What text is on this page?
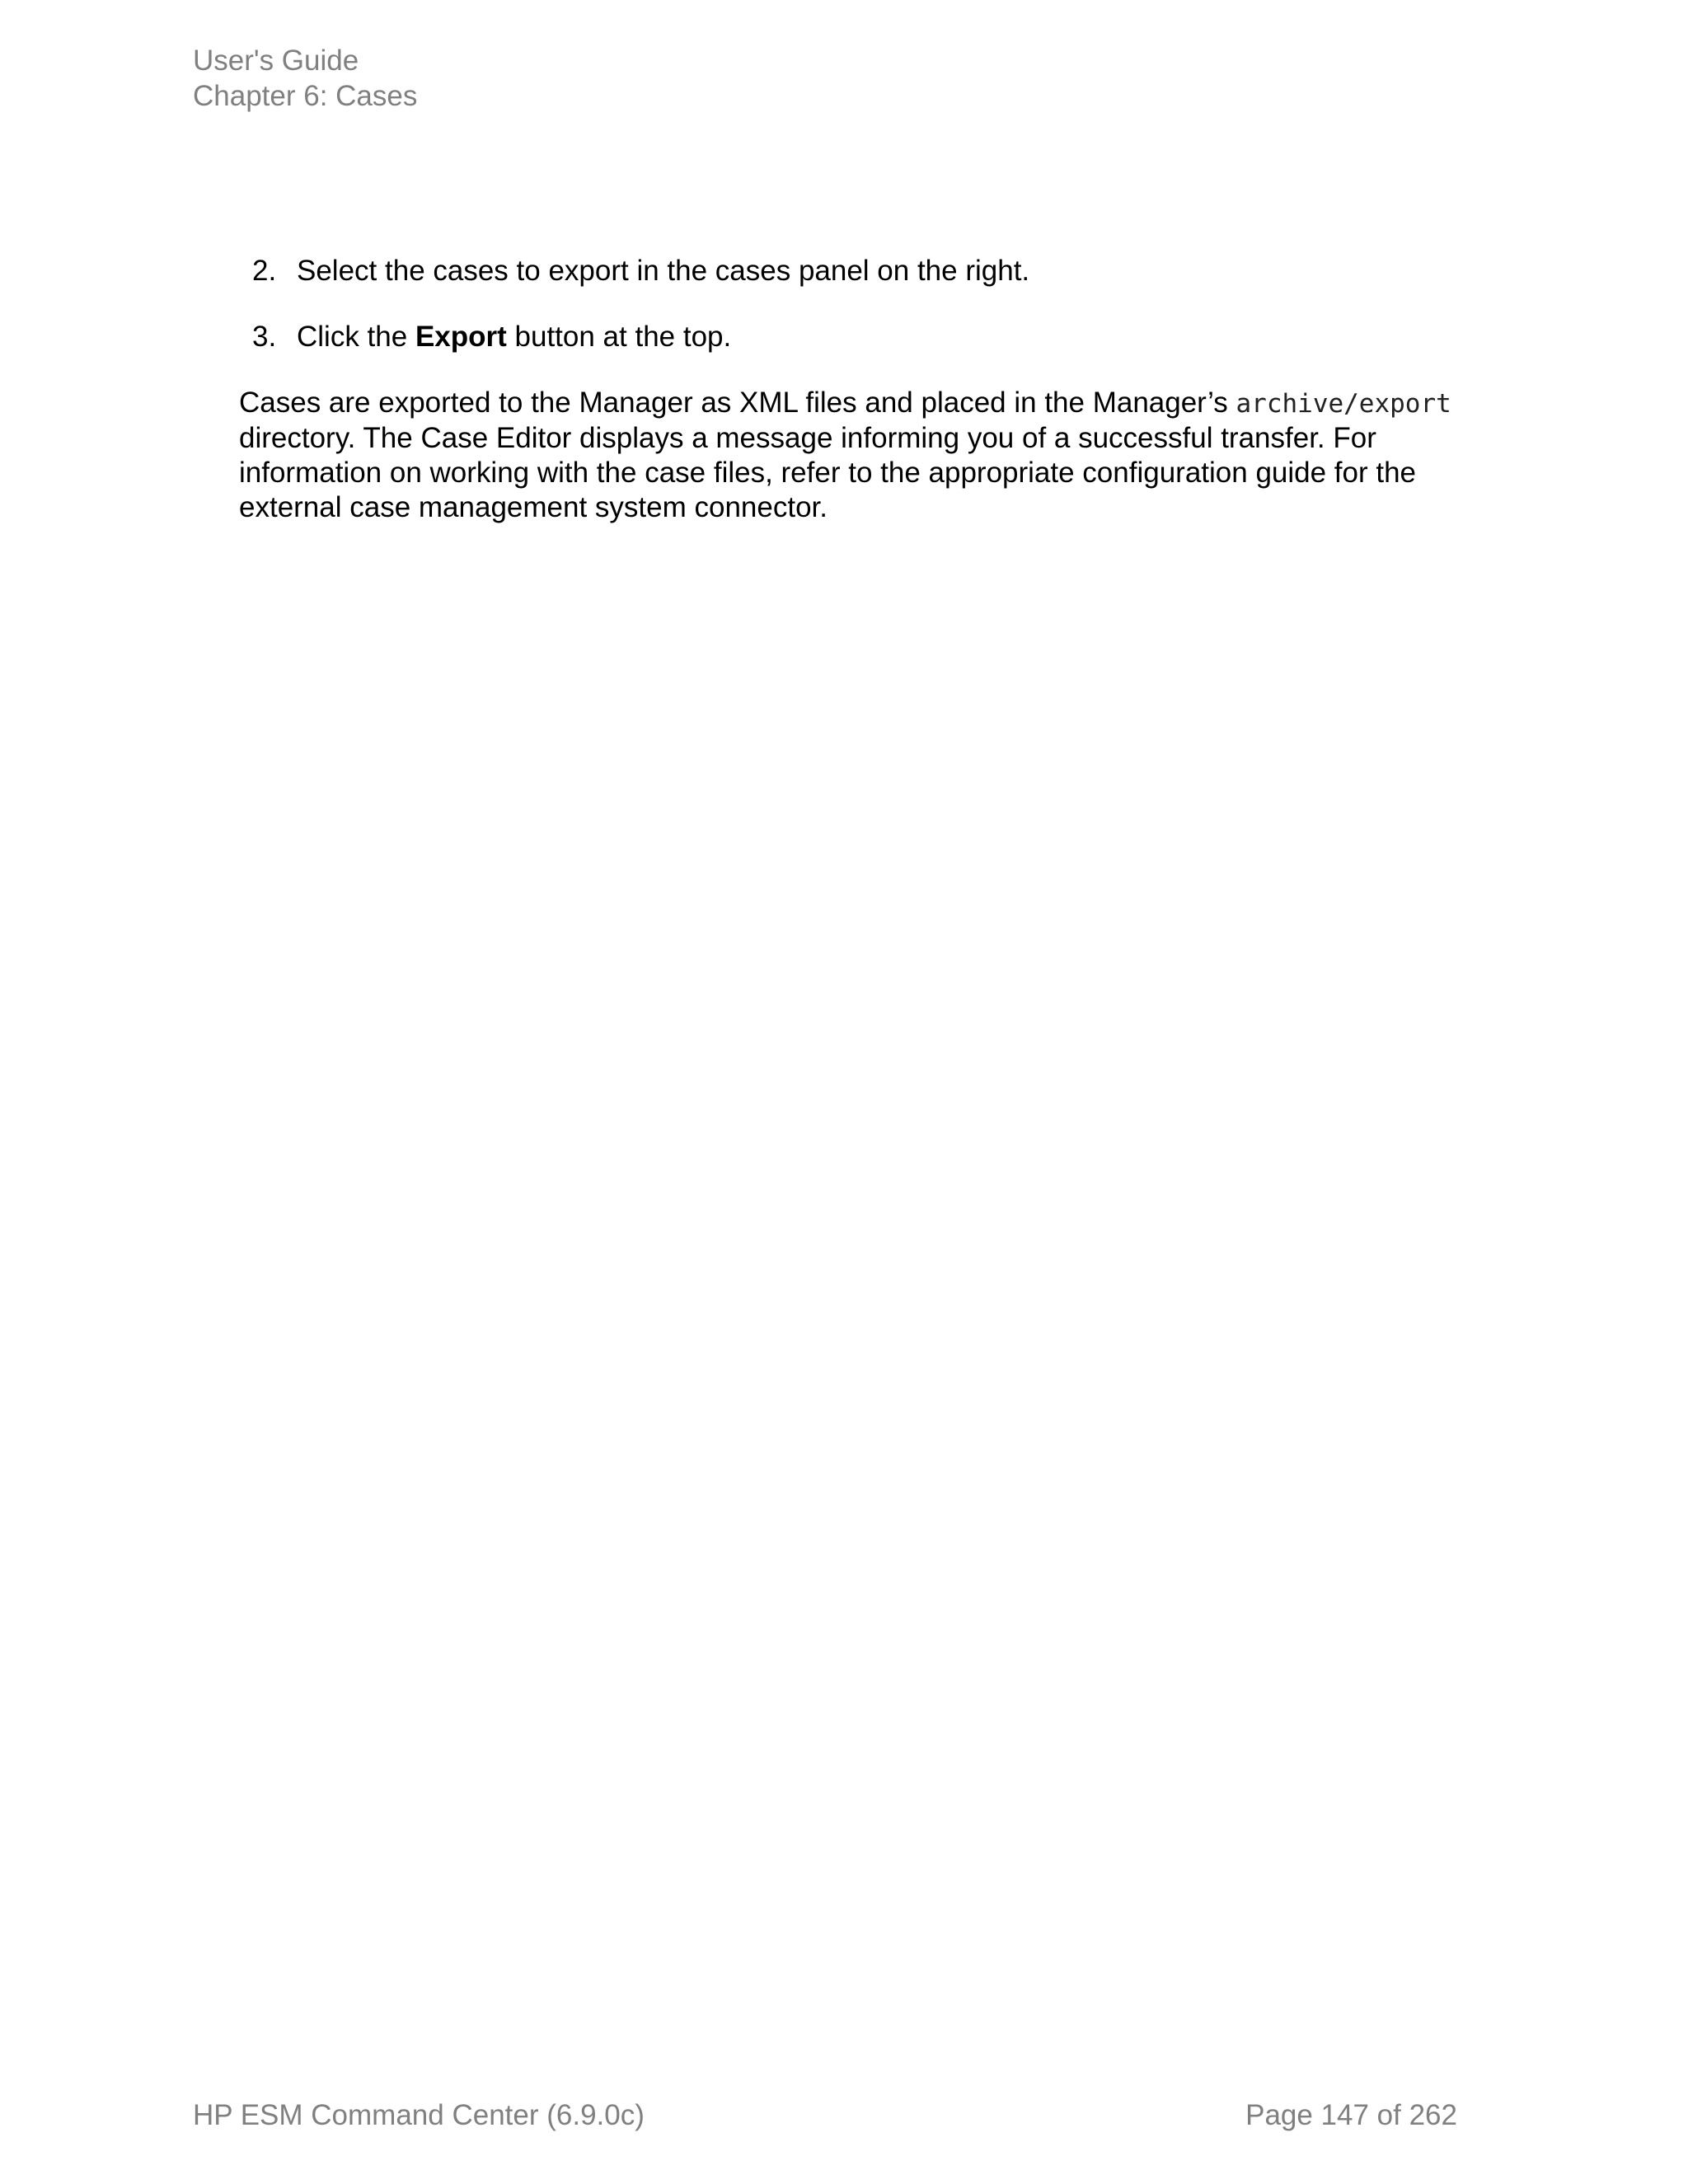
User's Guide
Chapter 6: Cases
2. Select the cases to export in the cases panel on the right.
3. Click the Export button at the top.

Cases are exported to the Manager as XML files and placed in the Manager’s archive/export directory. The Case Editor displays a message informing you of a successful transfer. For information on working with the case files, refer to the appropriate configuration guide for the external case management system connector.

HP ESM Command Center (6.9.0c)	Page 147 of 262
